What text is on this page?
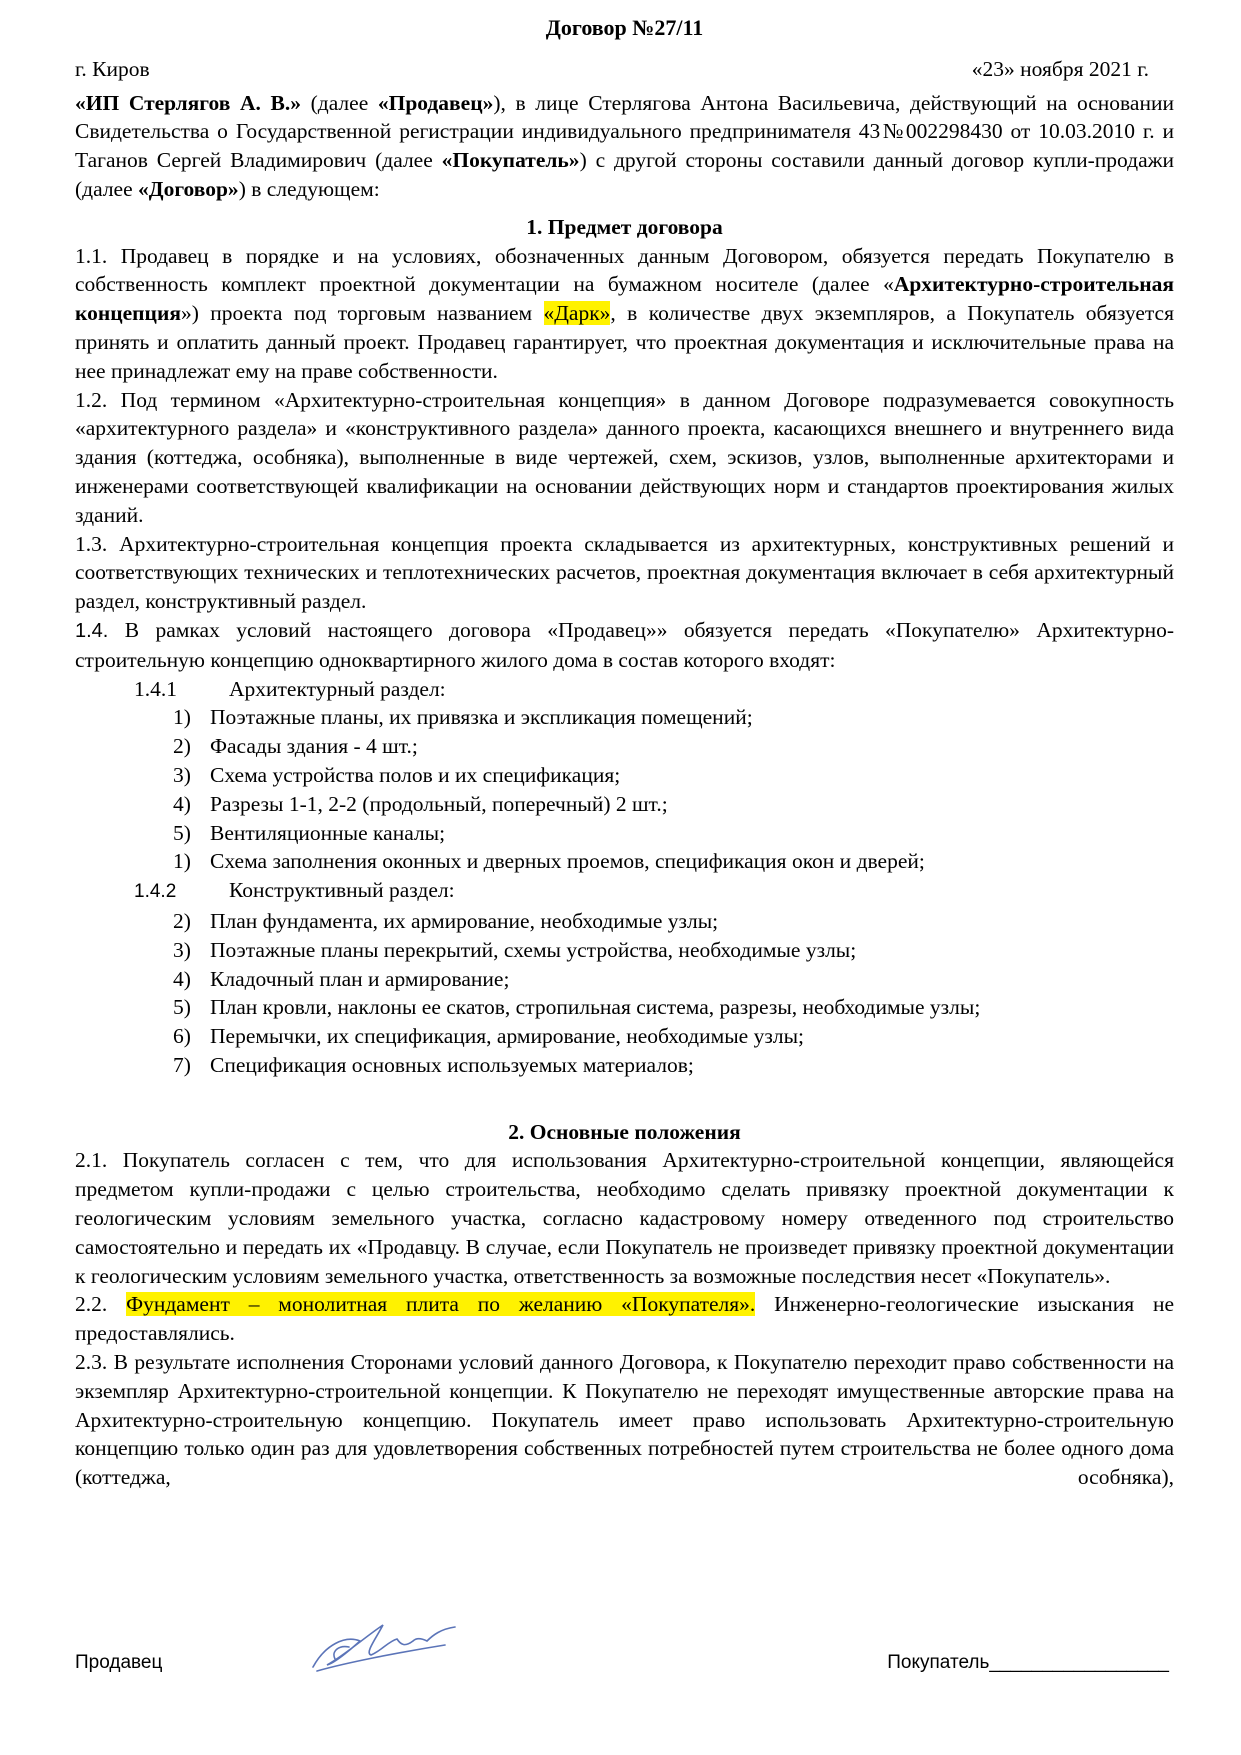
Договор №27/11
г. Киров	«23» ноября 2021 г.
«ИП Стерлягов А. В.» (далее «Продавец»), в лице Стерлягова Антона Васильевича, действующий на основании Свидетельства о Государственной регистрации индивидуального предпринимателя 43№002298430 от 10.03.2010 г. и Таганов Сергей Владимирович (далее «Покупатель») с другой стороны составили данный договор купли-продажи (далее «Договор») в следующем:
1. Предмет договора
1.1. Продавец в порядке и на условиях, обозначенных данным Договором, обязуется передать Покупателю в собственность комплект проектной документации на бумажном носителе (далее «Архитектурно-строительная концепция») проекта под торговым названием «Дарк», в количестве двух экземпляров, а Покупатель обязуется принять и оплатить данный проект. Продавец гарантирует, что проектная документация и исключительные права на нее принадлежат ему на праве собственности.
1.2. Под термином «Архитектурно-строительная концепция» в данном Договоре подразумевается совокупность «архитектурного раздела» и «конструктивного раздела» данного проекта, касающихся внешнего и внутреннего вида здания (коттеджа, особняка), выполненные в виде чертежей, схем, эскизов, узлов, выполненные архитекторами и инженерами соответствующей квалификации на основании действующих норм и стандартов проектирования жилых зданий.
1.3. Архитектурно-строительная концепция проекта складывается из архитектурных, конструктивных решений и соответствующих технических и теплотехнических расчетов, проектная документация включает в себя архитектурный раздел, конструктивный раздел.
1.4. В рамках условий настоящего договора «Продавец»» обязуется передать «Покупателю» Архитектурно-строительную концепцию одноквартирного жилого дома в состав которого входят:
1.4.1 Архитектурный раздел:
1) Поэтажные планы, их привязка и экспликация помещений;
2) Фасады здания - 4 шт.;
3) Схема устройства полов и их спецификация;
4) Разрезы 1-1, 2-2 (продольный, поперечный) 2 шт.;
5) Вентиляционные каналы;
1) Схема заполнения оконных и дверных проемов, спецификация окон и дверей;
1.4.2 Конструктивный раздел:
2) План фундамента, их армирование, необходимые узлы;
3) Поэтажные планы перекрытий, схемы устройства, необходимые узлы;
4) Кладочный план и армирование;
5) План кровли, наклоны ее скатов, стропильная система, разрезы, необходимые узлы;
6) Перемычки, их спецификация, армирование, необходимые узлы;
7) Спецификация основных используемых материалов;
2. Основные положения
2.1. Покупатель согласен с тем, что для использования Архитектурно-строительной концепции, являющейся предметом купли-продажи с целью строительства, необходимо сделать привязку проектной документации к геологическим условиям земельного участка, согласно кадастровому номеру отведенного под строительство самостоятельно и передать их «Продавцу. В случае, если Покупатель не произведет привязку проектной документации к геологическим условиям земельного участка, ответственность за возможные последствия несет «Покупатель».
2.2. Фундамент – монолитная плита по желанию «Покупателя». Инженерно-геологические изыскания не предоставлялись.
2.3. В результате исполнения Сторонами условий данного Договора, к Покупателю переходит право собственности на экземпляр Архитектурно-строительной концепции. К Покупателю не переходят имущественные авторские права на Архитектурно-строительную концепцию. Покупатель имеет право использовать Архитектурно-строительную концепцию только один раз для удовлетворения собственных потребностей путем строительства не более одного дома (коттеджа, особняка),
Продавец	Покупатель_________________
